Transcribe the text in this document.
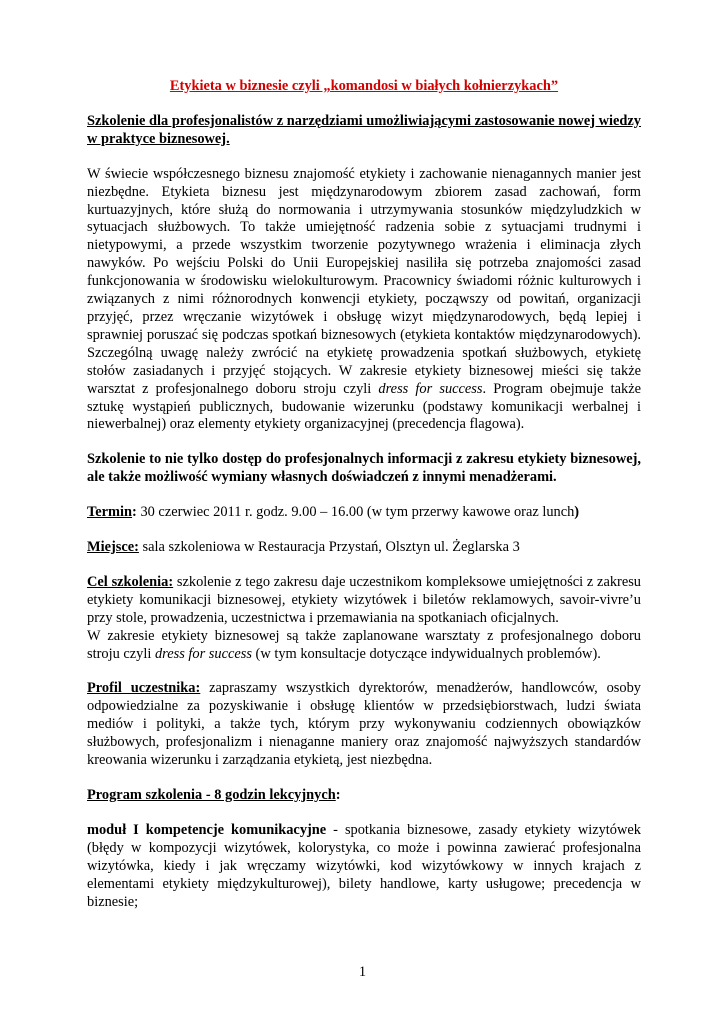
Etykieta w biznesie czyli „komandosi w białych kołnierzykach”

Szkolenie dla profesjonalistów z narzędziami umożliwiającymi zastosowanie nowej wiedzy w praktyce biznesowej.

W świecie współczesnego biznesu znajomość etykiety i zachowanie nienagannych manier jest niezbędne. Etykieta biznesu jest międzynarodowym zbiorem zasad zachowań, form kurtuazyjnych, które służą do normowania i utrzymywania stosunków międzyludzkich w sytuacjach służbowych. To także umiejętność radzenia sobie z sytuacjami trudnymi i nietypowymi, a przede wszystkim tworzenie pozytywnego wrażenia i eliminacja złych nawyków. Po wejściu Polski do Unii Europejskiej nasiliła się potrzeba znajomości zasad funkcjonowania w środowisku wielokulturowym. Pracownicy świadomi różnic kulturowych i związanych z nimi różnorodnych konwencji etykiety, począwszy od powitań, organizacji przyjęć, przez wręczanie wizytówek i obsługę wizyt międzynarodowych, będą lepiej i sprawniej poruszać się podczas spotkań biznesowych (etykieta kontaktów międzynarodowych). Szczególną uwagę należy zwrócić na etykietę prowadzenia spotkań służbowych, etykietę stołów zasiadanych i przyjęć stojących. W zakresie etykiety biznesowej mieści się także warsztat z profesjonalnego doboru stroju czyli dress for success. Program obejmuje także sztukę wystąpień publicznych, budowanie wizerunku (podstawy komunikacji werbalnej i niewerbalnej) oraz elementy etykiety organizacyjnej (precedencja flagowa).

Szkolenie to nie tylko dostęp do profesjonalnych informacji z zakresu etykiety biznesowej, ale także możliwość wymiany własnych doświadczeń z innymi menadżerami.

Termin: 30 czerwiec 2011 r. godz. 9.00 – 16.00 (w tym przerwy kawowe oraz lunch)

Miejsce: sala szkoleniowa w Restauracja Przystań, Olsztyn ul. Żeglarska 3

Cel szkolenia: szkolenie z tego zakresu daje uczestnikom kompleksowe umiejętności z zakresu etykiety komunikacji biznesowej, etykiety wizytówek i biletów reklamowych, savoir-vivre’u przy stole, prowadzenia, uczestnictwa i przemawiania na spotkaniach oficjalnych.
W zakresie etykiety biznesowej są także zaplanowane warsztaty z profesjonalnego doboru stroju czyli dress for success (w tym konsultacje dotyczące indywidualnych problemów).

Profil uczestnika: zapraszamy wszystkich dyrektorów, menadżerów, handlowców, osoby odpowiedzialne za pozyskiwanie i obsługę klientów w przedsiębiorstwach, ludzi świata mediów i polityki, a także tych, którym przy wykonywaniu codziennych obowiązków służbowych, profesjonalizm i nienaganne maniery oraz znajomość najwyższych standardów kreowania wizerunku i zarządzania etykietą, jest niezbędna.

Program szkolenia - 8 godzin lekcyjnych:

moduł I kompetencje komunikacyjne - spotkania biznesowe, zasady etykiety wizytówek (błędy w kompozycji wizytówek, kolorystyka, co może i powinna zawierać profesjonalna wizytówka, kiedy i jak wręczamy wizytówki, kod wizytówkowy w innych krajach z elementami etykiety międzykulturowej), bilety handlowe, karty usługowe; precedencja w biznesie;

1
